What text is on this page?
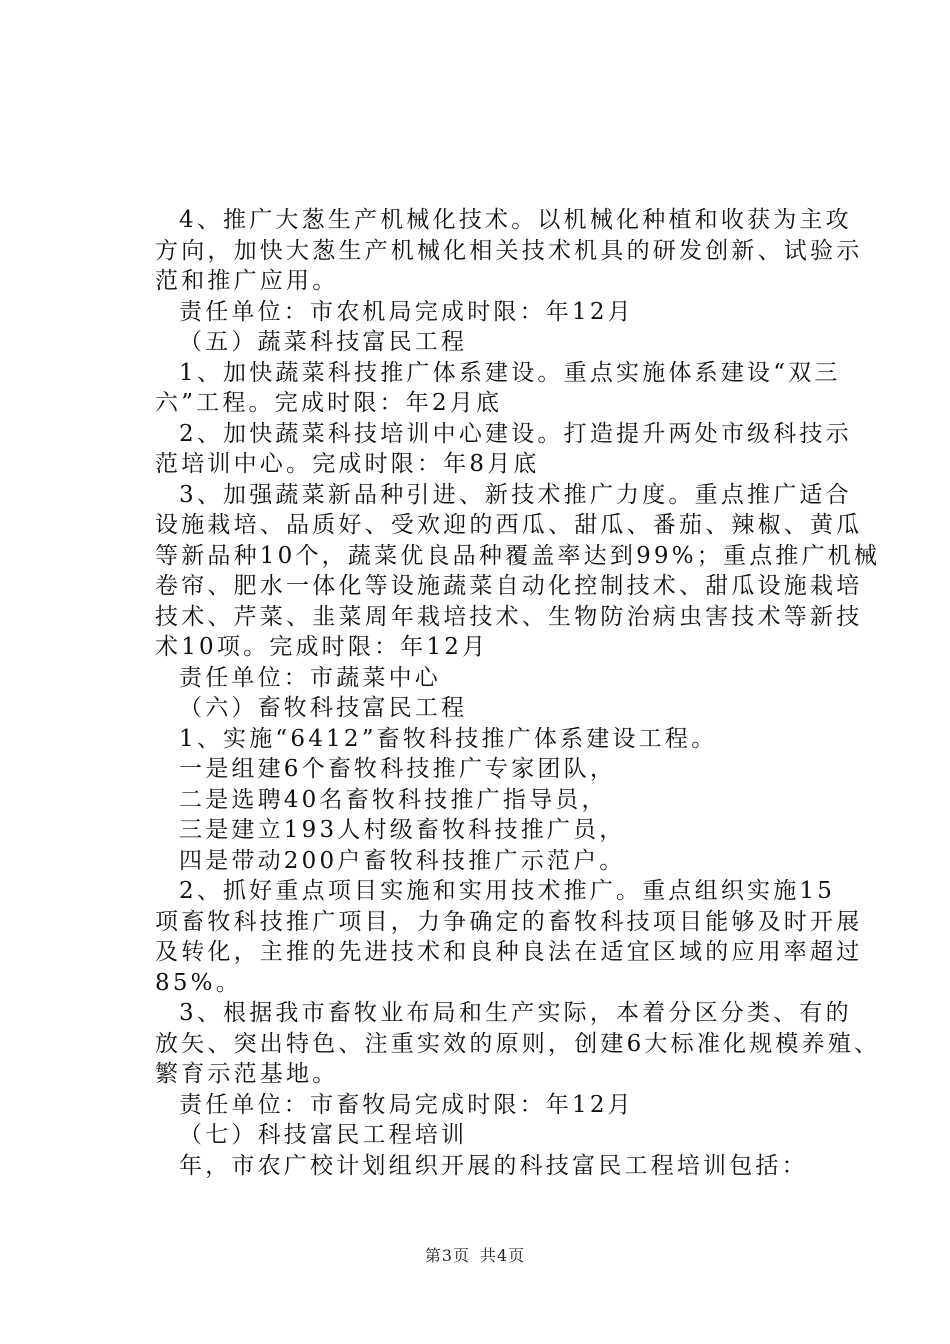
4、推广大葱生产机械化技术。以机械化种植和收获为主攻
方向，加快大葱生产机械化相关技术机具的研发创新、试验示
范和推广应用。
责任单位：市农机局完成时限：年12月
（五）蔬菜科技富民工程
1、加快蔬菜科技推广体系建设。重点实施体系建设“双三
六”工程。完成时限：年2月底
2、加快蔬菜科技培训中心建设。打造提升两处市级科技示
范培训中心。完成时限：年8月底
3、加强蔬菜新品种引进、新技术推广力度。重点推广适合
设施栽培、品质好、受欢迎的西瓜、甜瓜、番茄、辣椒、黄瓜
等新品种10个，蔬菜优良品种覆盖率达到99%；重点推广机械
卷帘、肥水一体化等设施蔬菜自动化控制技术、甜瓜设施栽培
技术、芹菜、韭菜周年栽培技术、生物防治病虫害技术等新技
术10项。完成时限：年12月
责任单位：市蔬菜中心
（六）畜牧科技富民工程
1、实施“6412”畜牧科技推广体系建设工程。
一是组建6个畜牧科技推广专家团队，
二是选聘40名畜牧科技推广指导员，
三是建立193人村级畜牧科技推广员，
四是带动200户畜牧科技推广示范户。
2、抓好重点项目实施和实用技术推广。重点组织实施15
项畜牧科技推广项目，力争确定的畜牧科技项目能够及时开展
及转化，主推的先进技术和良种良法在适宜区域的应用率超过
85%。
3、根据我市畜牧业布局和生产实际，本着分区分类、有的
放矢、突出特色、注重实效的原则，创建6大标准化规模养殖、
繁育示范基地。
责任单位：市畜牧局完成时限：年12月
（七）科技富民工程培训
年，市农广校计划组织开展的科技富民工程培训包括：
第3页 共4页
